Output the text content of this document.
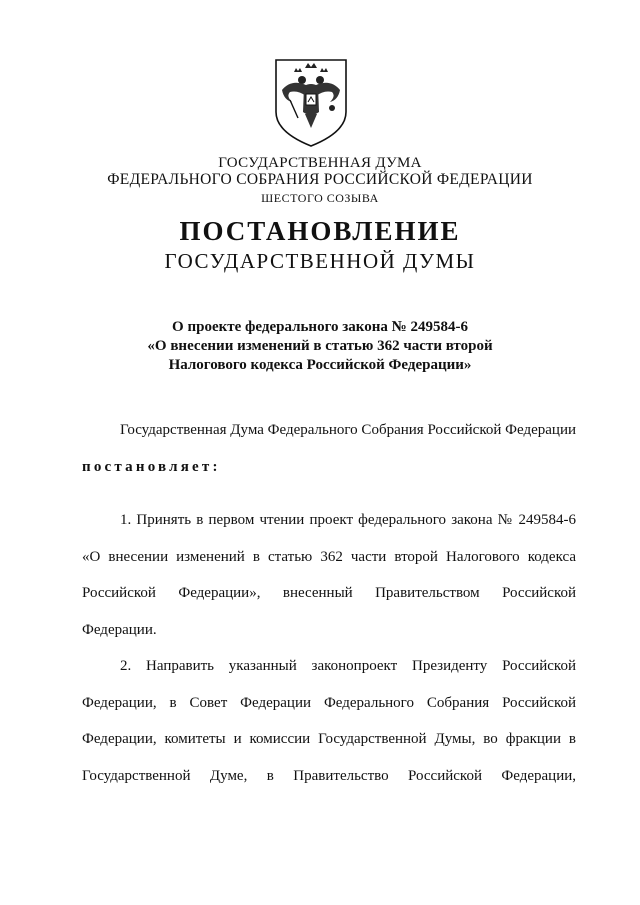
ГОСУДАРСТВЕННАЯ ДУМА
ФЕДЕРАЛЬНОГО СОБРАНИЯ РОССИЙСКОЙ ФЕДЕРАЦИИ
ШЕСТОГО СОЗЫВА
ПОСТАНОВЛЕНИЕ
ГОСУДАРСТВЕННОЙ ДУМЫ
О проекте федерального закона № 249584-6
«О внесении изменений в статью 362 части второй
Налогового кодекса Российской Федерации»
Государственная Дума Федерального Собрания Российской Федерации постановляет:
1. Принять в первом чтении проект федерального закона № 249584-6 «О внесении изменений в статью 362 части второй Налогового кодекса Российской Федерации», внесенный Правительством Российской Федерации.
2. Направить указанный законопроект Президенту Российской Федерации, в Совет Федерации Федерального Собрания Российской Федерации, комитеты и комиссии Государственной Думы, во фракции в Государственной Думе, в Правительство Российской Федерации,
